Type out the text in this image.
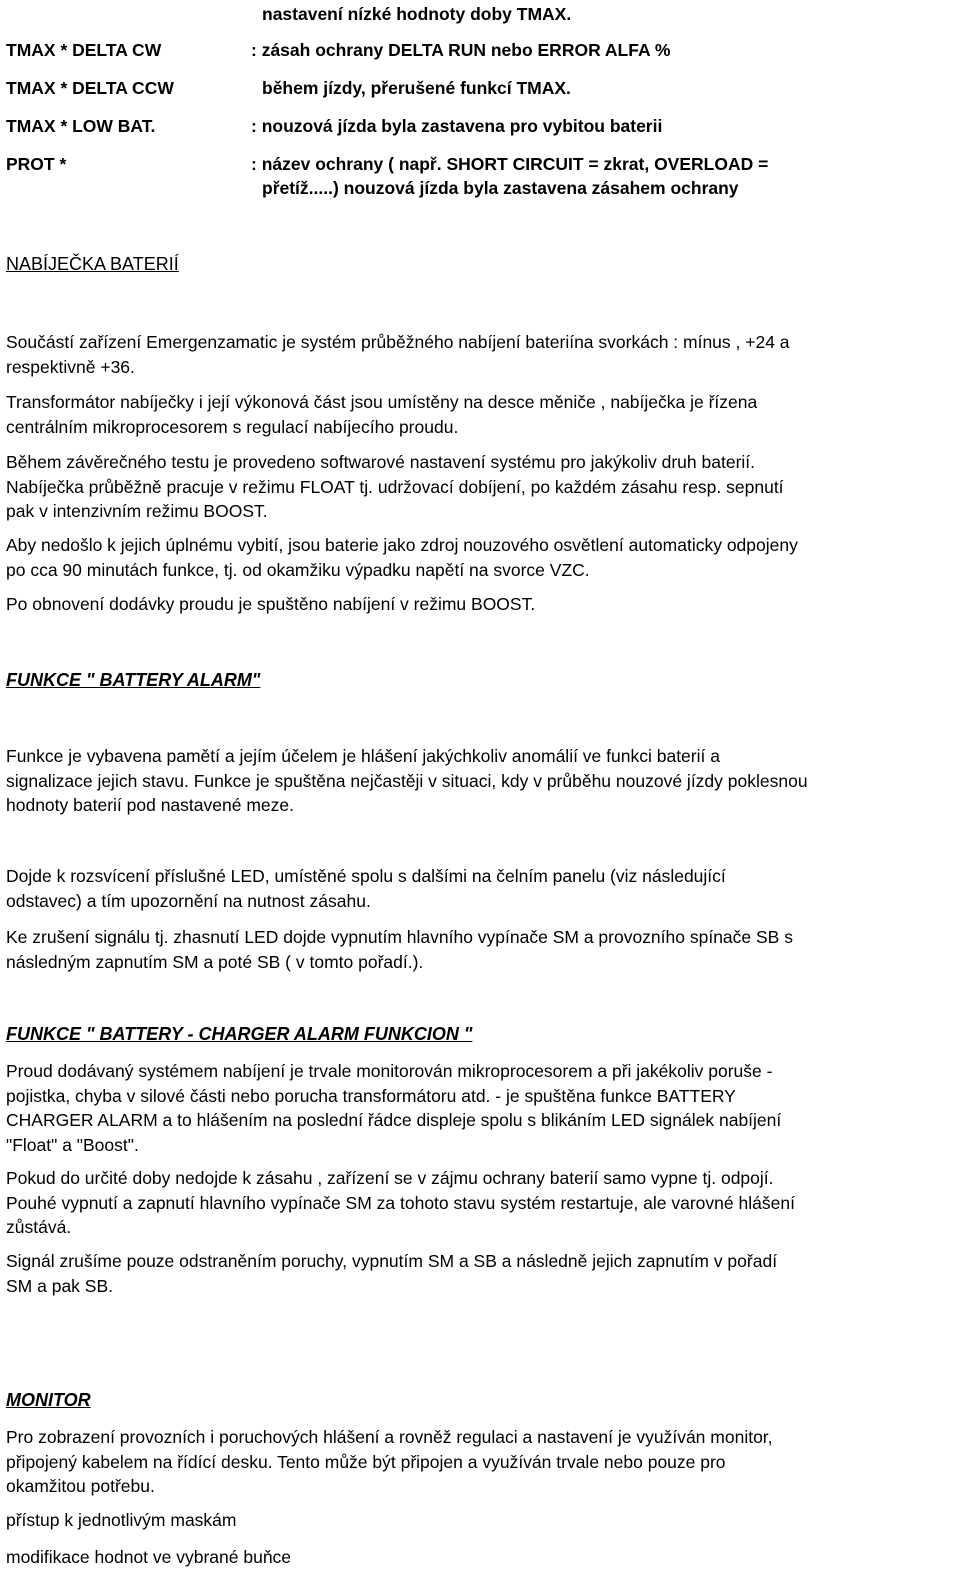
nastavení nízké hodnoty doby TMAX.
TMAX * DELTA CW	: zásah ochrany DELTA RUN nebo ERROR ALFA %
TMAX * DELTA CCW	během jízdy, přerušené funkcí TMAX.
TMAX * LOW BAT.	: nouzová jízda byla zastavena pro vybitou baterii
PROT *	: název ochrany ( např. SHORT CIRCUIT = zkrat, OVERLOAD =
přetíž.....) nouzová jízda byla zastavena zásahem ochrany
NABÍJEČKA BATERIÍ
Součástí zařízení Emergenzamatic je systém průběžného nabíjení bateriína svorkách : mínus , +24 a
respektivně +36.
Transformátor nabíječky i její výkonová část jsou umístěny na desce měniče , nabíječka je řízena
centrálním mikroprocesorem s regulací nabíjecího proudu.
Během závěrečného testu je provedeno softwarové nastavení systému pro jakýkoliv druh baterií.
Nabíječka průběžně pracuje v režimu FLOAT tj. udržovací dobíjení, po každém zásahu resp. sepnutí
pak v intenzivním režimu BOOST.
Aby nedošlo k jejich úplnému vybití, jsou baterie jako zdroj nouzového osvětlení automaticky odpojeny
po cca 90 minutách funkce, tj. od okamžiku výpadku napětí na svorce VZC.
Po obnovení dodávky proudu je spuštěno nabíjení v režimu BOOST.
FUNKCE " BATTERY ALARM"
Funkce je vybavena pamětí a jejím účelem je hlášení jakýchkoliv anomálií ve funkci baterií a
signalizace jejich stavu. Funkce je spuštěna nejčastěji v situaci, kdy v průběhu nouzové jízdy poklesnou
hodnoty baterií pod nastavené meze.
Dojde k rozsvícení příslušné LED, umístěné spolu s dalšími na čelním panelu (viz následující
odstavec) a tím upozornění na nutnost zásahu.
Ke zrušení signálu tj. zhasnutí LED dojde vypnutím hlavního vypínače SM a provozního spínače SB s
následným zapnutím SM a poté SB ( v tomto pořadí.).
FUNKCE " BATTERY - CHARGER ALARM FUNKCION "
Proud dodávaný systémem nabíjení je trvale monitorován mikroprocesorem a při jakékoliv poruše -
pojistka, chyba v silové části nebo porucha transformátoru atd. - je spuštěna funkce BATTERY
CHARGER ALARM a to hlášením na poslední řádce displeje spolu s blikáním LED signálek nabíjení
"Float" a "Boost".
Pokud do určité doby nedojde k zásahu , zařízení se v zájmu ochrany baterií samo vypne tj. odpojí.
Pouhé vypnutí a zapnutí hlavního vypínače SM za tohoto stavu systém restartuje, ale varovné hlášení
zůstává.
Signál zrušíme pouze odstraněním poruchy, vypnutím SM a SB a následně jejich zapnutím v pořadí
SM a pak SB.
MONITOR
Pro zobrazení provozních i poruchových hlášení a rovněž regulaci a nastavení je využíván monitor,
připojený kabelem na řídící desku. Tento může být připojen a využíván trvale nebo pouze pro
okamžitou potřebu.
přístup k jednotlivým maskám
modifikace hodnot ve vybrané buňce
